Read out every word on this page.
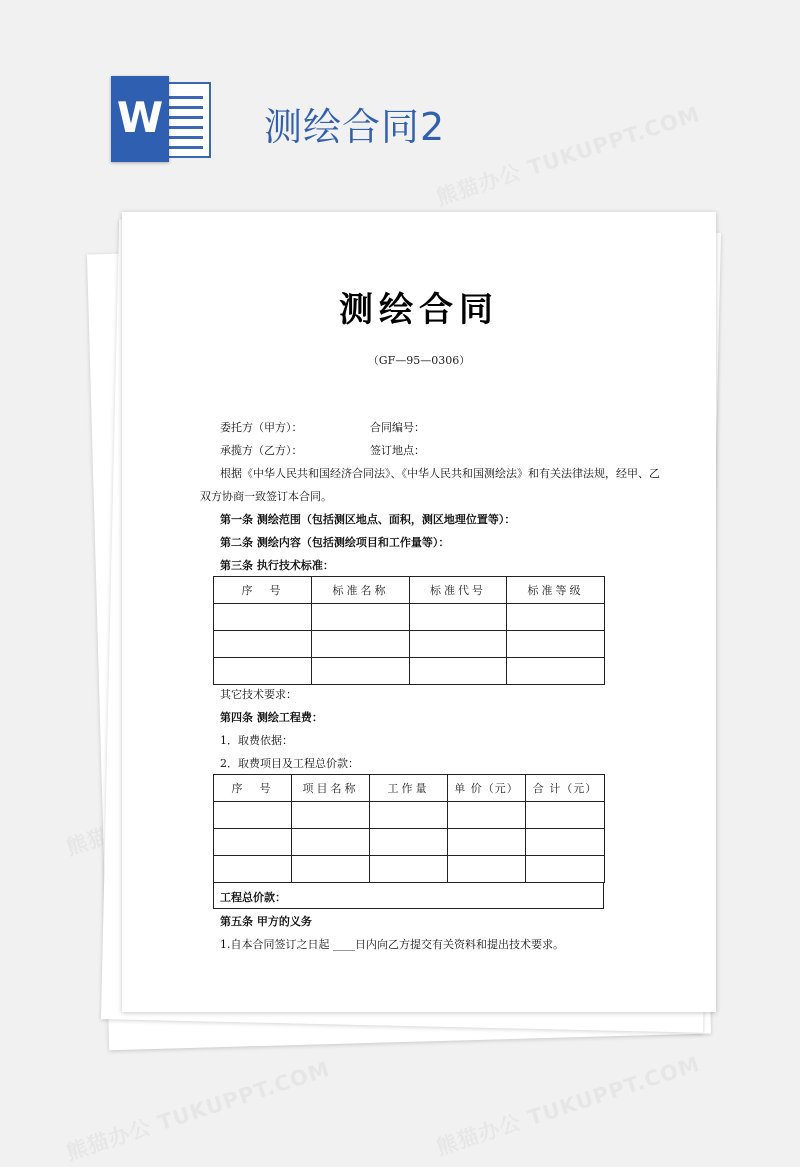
W	测绘合同2
测绘合同
（GF—95—0306）
委托方（甲方）：	合同编号：
承揽方（乙方）：	签订地点：
根据《中华人民共和国经济合同法》、《中华人民共和国测绘法》和有关法律法规，经甲、乙
双方协商一致签订本合同。
第一条 测绘范围（包括测区地点、面积，测区地理位置等）：
第二条 测绘内容（包括测绘项目和工作量等）：
第三条 执行技术标准：
序　号	标准名称	标准代号	标准等级

其它技术要求：
第四条 测绘工程费：
1．取费依据：
2．取费项目及工程总价款：
序　号	项目名称	工作量	单 价（元）	合 计（元）

工程总价款：
第五条 甲方的义务
1.自本合同签订之日起 ____日内向乙方提交有关资料和提出技术要求。
